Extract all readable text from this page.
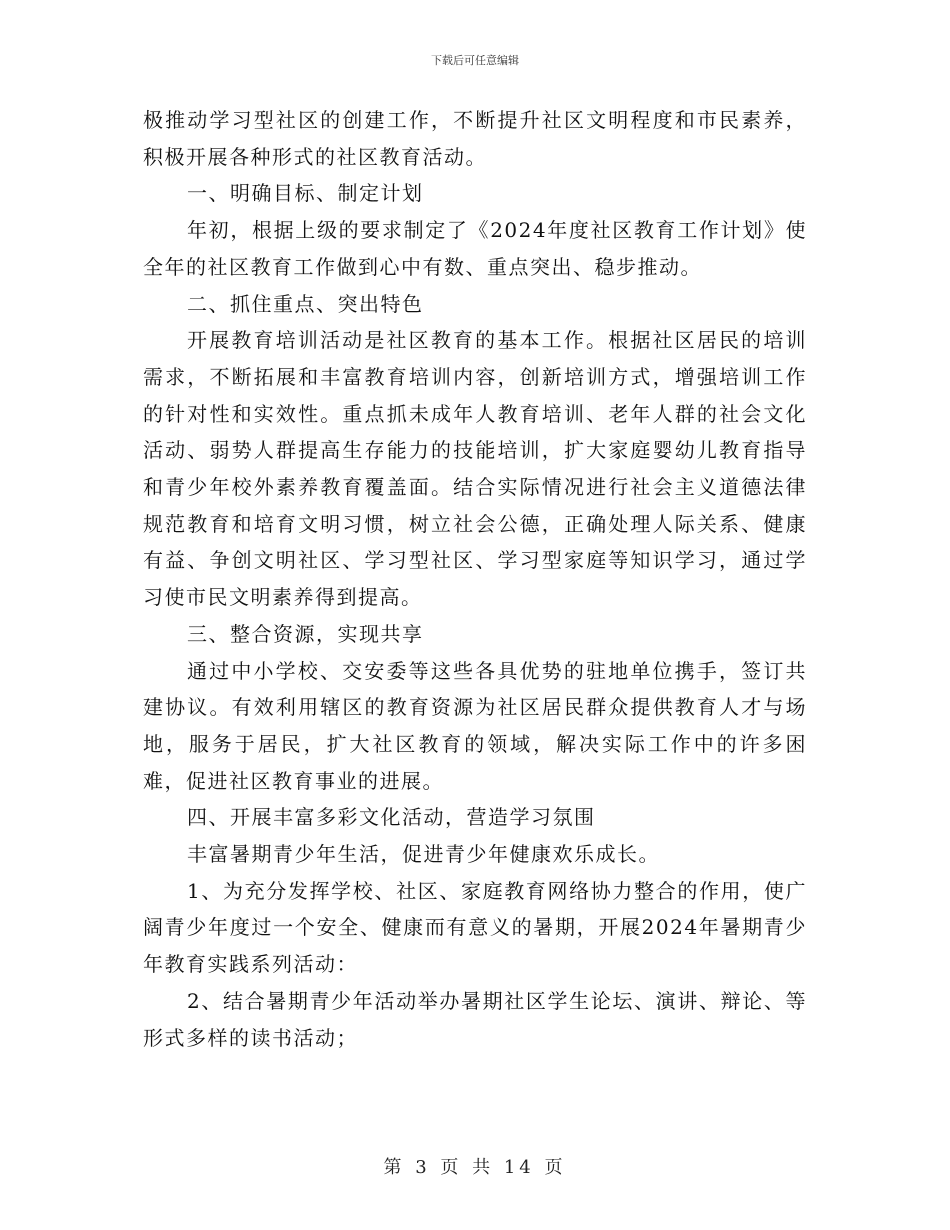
下载后可任意编辑

极推动学习型社区的创建工作，不断提升社区文明程度和市民素养，积极开展各种形式的社区教育活动。

一、明确目标、制定计划

年初，根据上级的要求制定了《2024年度社区教育工作计划》使全年的社区教育工作做到心中有数、重点突出、稳步推动。

二、抓住重点、突出特色

开展教育培训活动是社区教育的基本工作。根据社区居民的培训需求，不断拓展和丰富教育培训内容，创新培训方式，增强培训工作的针对性和实效性。重点抓未成年人教育培训、老年人群的社会文化活动、弱势人群提高生存能力的技能培训，扩大家庭婴幼儿教育指导和青少年校外素养教育覆盖面。结合实际情况进行社会主义道德法律规范教育和培育文明习惯，树立社会公德，正确处理人际关系、健康有益、争创文明社区、学习型社区、学习型家庭等知识学习，通过学习使市民文明素养得到提高。

三、整合资源，实现共享

通过中小学校、交安委等这些各具优势的驻地单位携手，签订共建协议。有效利用辖区的教育资源为社区居民群众提供教育人才与场地，服务于居民，扩大社区教育的领域，解决实际工作中的许多困难，促进社区教育事业的进展。

四、开展丰富多彩文化活动，营造学习氛围

丰富暑期青少年生活，促进青少年健康欢乐成长。

1、为充分发挥学校、社区、家庭教育网络协力整合的作用，使广阔青少年度过一个安全、健康而有意义的暑期，开展2024年暑期青少年教育实践系列活动：

2、结合暑期青少年活动举办暑期社区学生论坛、演讲、辩论、等形式多样的读书活动；

第 3 页 共 14 页
